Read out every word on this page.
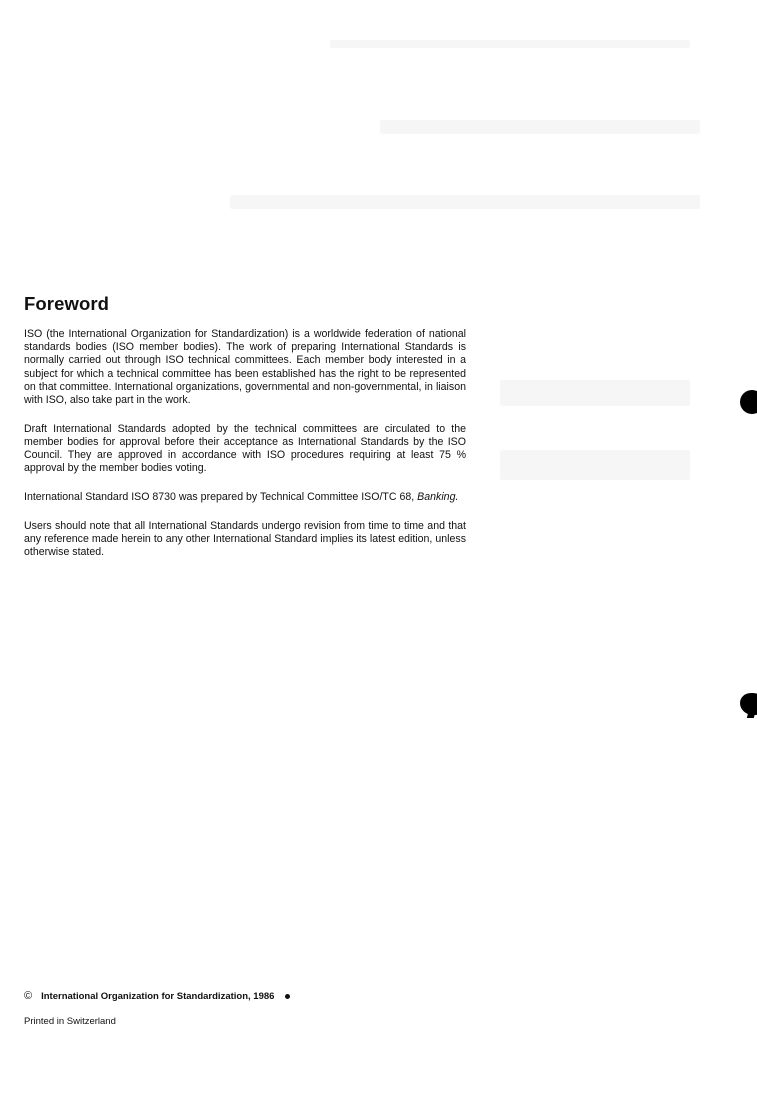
Foreword

ISO (the International Organization for Standardization) is a worldwide federation of national standards bodies (ISO member bodies). The work of preparing International Standards is normally carried out through ISO technical committees. Each member body interested in a subject for which a technical committee has been established has the right to be represented on that committee. International organizations, governmental and non-governmental, in liaison with ISO, also take part in the work.

Draft International Standards adopted by the technical committees are circulated to the member bodies for approval before their acceptance as International Standards by the ISO Council. They are approved in accordance with ISO procedures requiring at least 75 % approval by the member bodies voting.

International Standard ISO 8730 was prepared by Technical Committee ISO/TC 68, Banking.

Users should note that all International Standards undergo revision from time to time and that any reference made herein to any other International Standard implies its latest edition, unless otherwise stated.

© International Organization for Standardization, 1986
Printed in Switzerland
